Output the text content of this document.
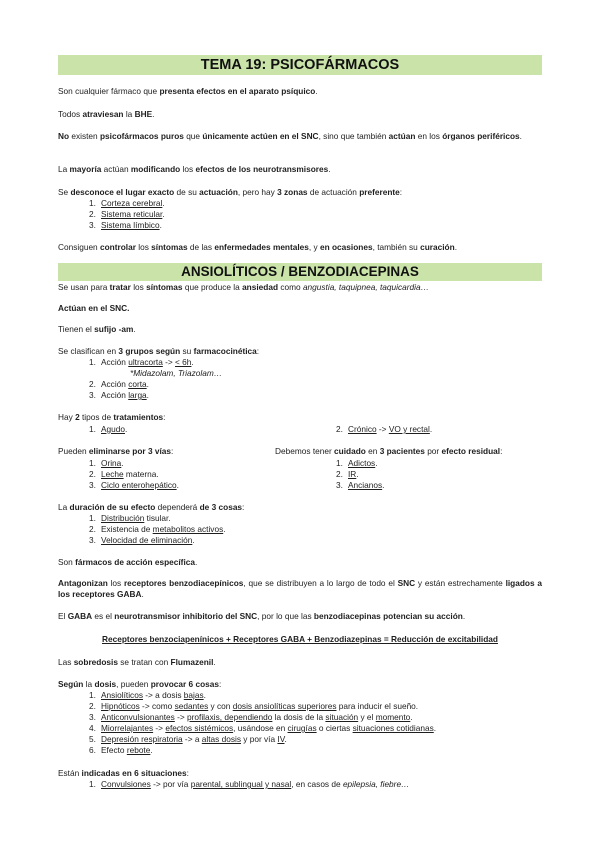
TEMA 19: PSICOFÁRMACOS
Son cualquier fármaco que presenta efectos en el aparato psíquico.
Todos atraviesan la BHE.
No existen psicofármacos puros que únicamente actúen en el SNC, sino que también actúan en los órganos periféricos.
La mayoría actúan modificando los efectos de los neurotransmisores.
Se desconoce el lugar exacto de su actuación, pero hay 3 zonas de actuación preferente:
1. Corteza cerebral.
2. Sistema reticular.
3. Sistema límbico.
Consiguen controlar los síntomas de las enfermedades mentales, y en ocasiones, también su curación.
ANSIOLÍTICOS / BENZODIACEPINAS
Se usan para tratar los síntomas que produce la ansiedad como angustia, taquipnea, taquicardia…
Actúan en el SNC.
Tienen el sufijo -am.
Se clasifican en 3 grupos según su farmacocinética:
1. Acción ultracorta -> < 6h.
*Midazolam, Triazolam…
2. Acción corta.
3. Acción larga.
Hay 2 tipos de tratamientos:
1. Agudo.	2. Crónico -> VO y rectal.
Pueden eliminarse por 3 vías:
1. Orina.
2. Leche materna.
3. Ciclo enterohepático.
Debemos tener cuidado en 3 pacientes por efecto residual:
1. Adictos.
2. IR.
3. Ancianos.
La duración de su efecto dependerá de 3 cosas:
1. Distribución tisular.
2. Existencia de metabolitos activos.
3. Velocidad de eliminación.
Son fármacos de acción específica.
Antagonizan los receptores benzodiacepínicos, que se distribuyen a lo largo de todo el SNC y están estrechamente ligados a los receptores GABA.
El GABA es el neurotransmisor inhibitorio del SNC, por lo que las benzodiacepinas potencian su acción.
Receptores benzociapenínicos + Receptores GABA + Benzodiazepinas = Reducción de excitabilidad
Las sobredosis se tratan con Flumazenil.
Según la dosis, pueden provocar 6 cosas:
1. Ansiolíticos -> a dosis bajas.
2. Hipnóticos -> como sedantes y con dosis ansiolíticas superiores para inducir el sueño.
3. Anticonvulsionantes -> profilaxis, dependiendo la dosis de la situación y el momento.
4. Miorrelajantes -> efectos sistémicos, usándose en cirugías o ciertas situaciones cotidianas.
5. Depresión respiratoria -> a altas dosis y por vía IV.
6. Efecto rebote.
Están indicadas en 6 situaciones:
1. Convulsiones -> por vía parental, sublingual y nasal, en casos de epilepsia, fiebre…
